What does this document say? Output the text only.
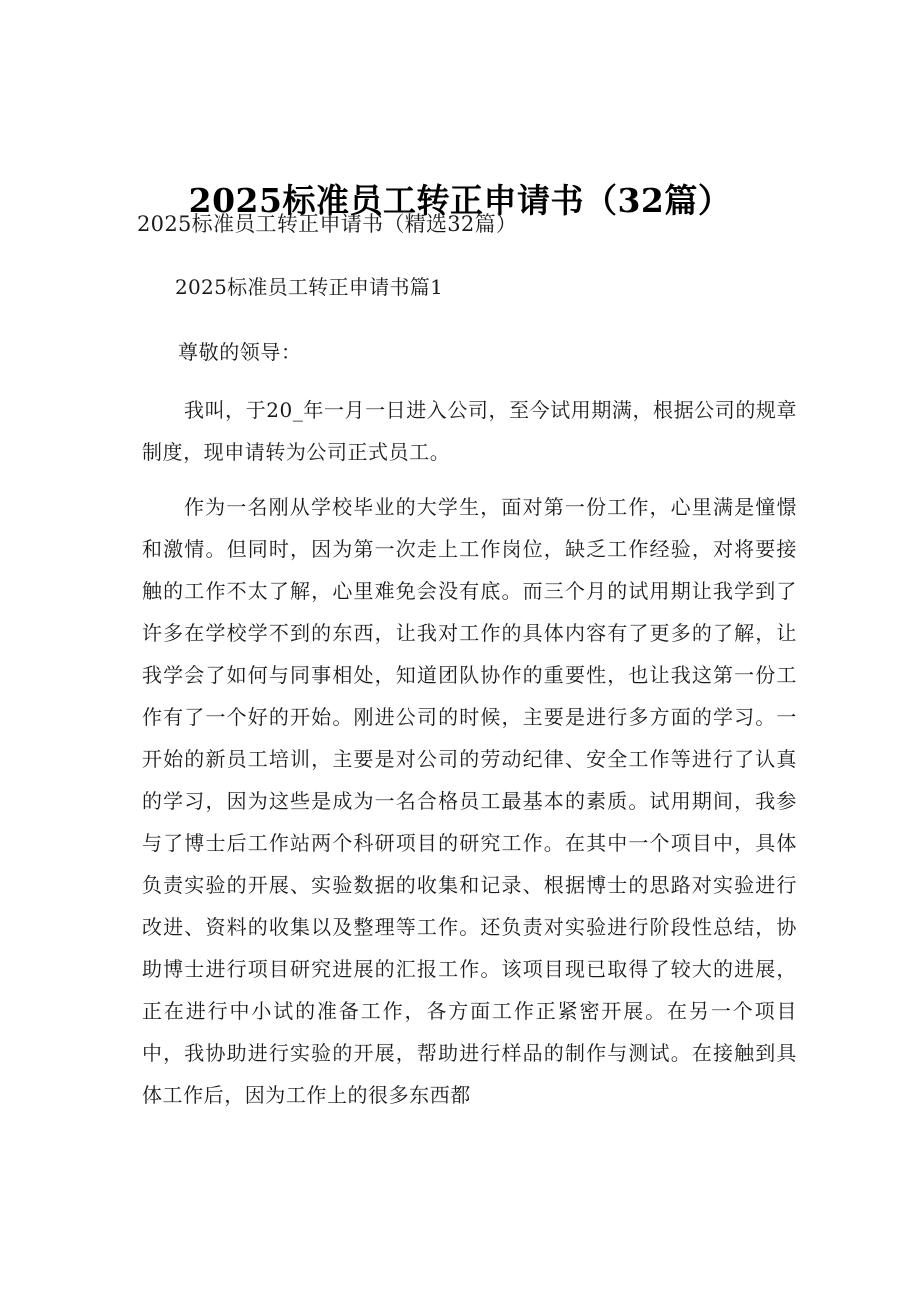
2025标准员工转正申请书（32篇）
2025标准员工转正申请书（精选32篇）
2025标准员工转正申请书篇1

尊敬的领导：

我叫，于20_年一月一日进入公司，至今试用期满，根据公司的规章制度，现申请转为公司正式员工。

作为一名刚从学校毕业的大学生，面对第一份工作，心里满是憧憬和激情。但同时，因为第一次走上工作岗位，缺乏工作经验，对将要接触的工作不太了解，心里难免会没有底。而三个月的试用期让我学到了许多在学校学不到的东西，让我对工作的具体内容有了更多的了解，让我学会了如何与同事相处，知道团队协作的重要性，也让我这第一份工作有了一个好的开始。刚进公司的时候，主要是进行多方面的学习。一开始的新员工培训，主要是对公司的劳动纪律、安全工作等进行了认真的学习，因为这些是成为一名合格员工最基本的素质。试用期间，我参与了博士后工作站两个科研项目的研究工作。在其中一个项目中，具体负责实验的开展、实验数据的收集和记录、根据博士的思路对实验进行改进、资料的收集以及整理等工作。还负责对实验进行阶段性总结，协助博士进行项目研究进展的汇报工作。该项目现已取得了较大的进展，正在进行中小试的准备工作，各方面工作正紧密开展。在另一个项目中，我协助进行实验的开展，帮助进行样品的制作与测试。在接触到具体工作后，因为工作上的很多东西都
